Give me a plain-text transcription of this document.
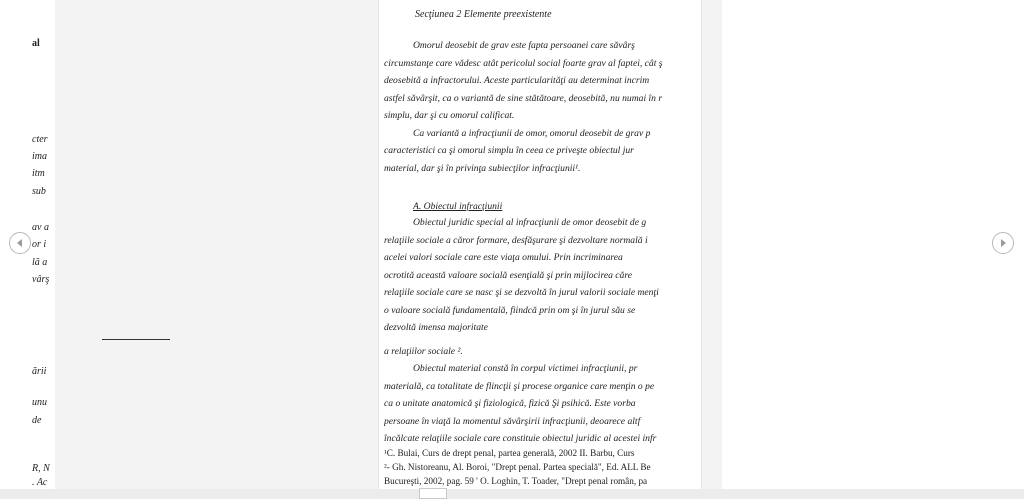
al
cter
ima
itm
sub
av a
or i
lă a
vârş
ării
unu
de
R, N
. Ac
Secţiunea 2 Elemente preexistente
Omorul deosebit de grav este fapta persoanei care săvârş
circumstanţe care vădesc atât pericolul social foarte grav al faptei, cât ş
deosebită a infractorului. Aceste particularităţi au determinat incrim
astfel săvârşit, ca o variantă de sine stătătoare, deosebită, nu numai în r
simplu, dar şi cu omorul calificat.
Ca variantă a infracţiunii de omor, omorul deosebit de grav p
caracteristici ca şi omorul simplu în ceea ce priveşte obiectul jur
material, dar şi în privinţa subiecţilor infracţiunii¹.
A. Obiectul infracţiunii
Obiectul juridic special al infracţiunii de omor deosebit de g
relaţiile sociale a căror formare, desfăşurare şi dezvoltare normală i
acelei valori sociale care este viaţa omului. Prin incriminarea
ocrotită această valoare socială esenţială şi prin mijlocirea căre
relaţiile sociale care se nasc şi se dezvoltă în jurul valorii sociale menţi
o valoare socială fundamentală, fiindcă prin om şi în jurul său se
dezvoltă imensa majoritate
a relaţiilor sociale ².
Obiectul material constă în corpul victimei infracţiunii, pr
materială, ca totalitate de flincţii şi procese organice care menţin o pe
ca o unitate anatomică şi fiziologică, fizică Şi psihică. Este vorba
persoane în viaţă la momentul săvârşirii infracţiunii, deoarece altf
încălcate relaţiile sociale care constituie obiectul juridic al acestei infr
¹C. Bulai, Curs de drept penal, partea generală, 2002 II. Barbu, Curs
²- Gh. Nistoreanu, Al. Boroi, "Drept penal. Partea specială", Ed. ALL Be
Bucureşti, 2002, pag. 59 ' O. Loghin, T. Toader, "Drept penal român, pa
